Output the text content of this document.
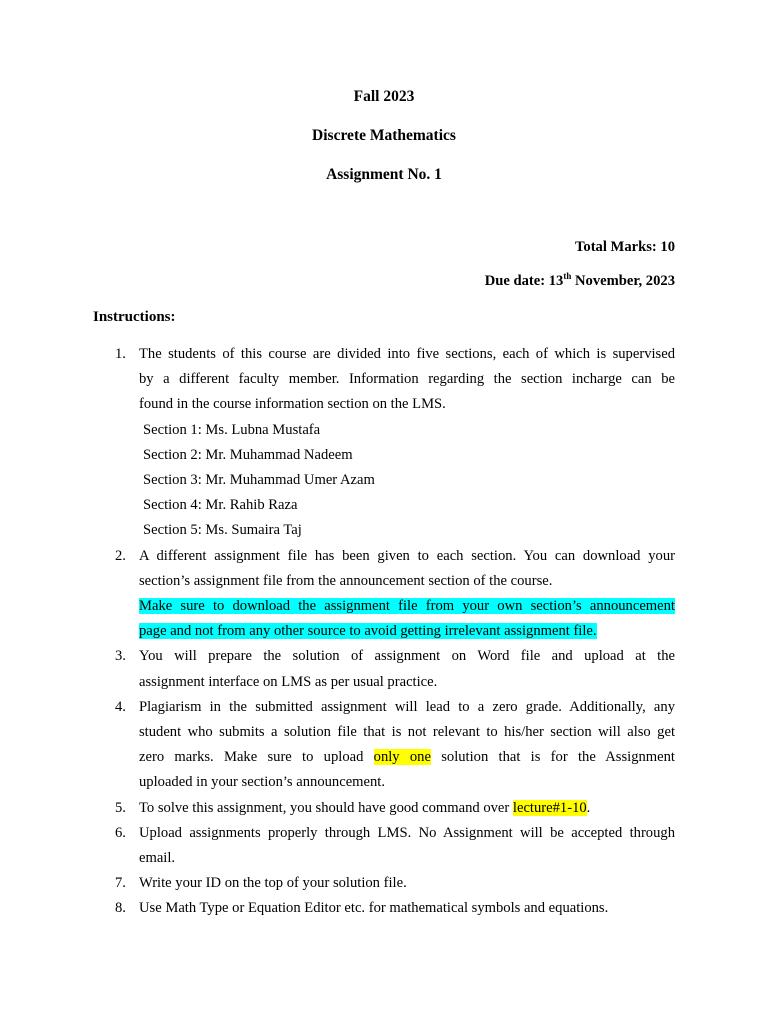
Fall 2023
Discrete Mathematics
Assignment No. 1
Total Marks: 10
Due date: 13th November, 2023
Instructions:
1. The students of this course are divided into five sections, each of which is supervised
by a different faculty member. Information regarding the section incharge can be
found in the course information section on the LMS.
Section 1: Ms. Lubna Mustafa
Section 2: Mr. Muhammad Nadeem
Section 3: Mr. Muhammad Umer Azam
Section 4: Mr. Rahib Raza
Section 5: Ms. Sumaira Taj
2. A different assignment file has been given to each section. You can download your
section’s assignment file from the announcement section of the course.
Make sure to download the assignment file from your own section’s announcement
page and not from any other source to avoid getting irrelevant assignment file.
3. You will prepare the solution of assignment on Word file and upload at the
assignment interface on LMS as per usual practice.
4. Plagiarism in the submitted assignment will lead to a zero grade. Additionally, any
student who submits a solution file that is not relevant to his/her section will also get
zero marks. Make sure to upload only one solution that is for the Assignment
uploaded in your section’s announcement.
5. To solve this assignment, you should have good command over lecture#1-10.
6. Upload assignments properly through LMS. No Assignment will be accepted through
email.
7. Write your ID on the top of your solution file.
8. Use Math Type or Equation Editor etc. for mathematical symbols and equations.
